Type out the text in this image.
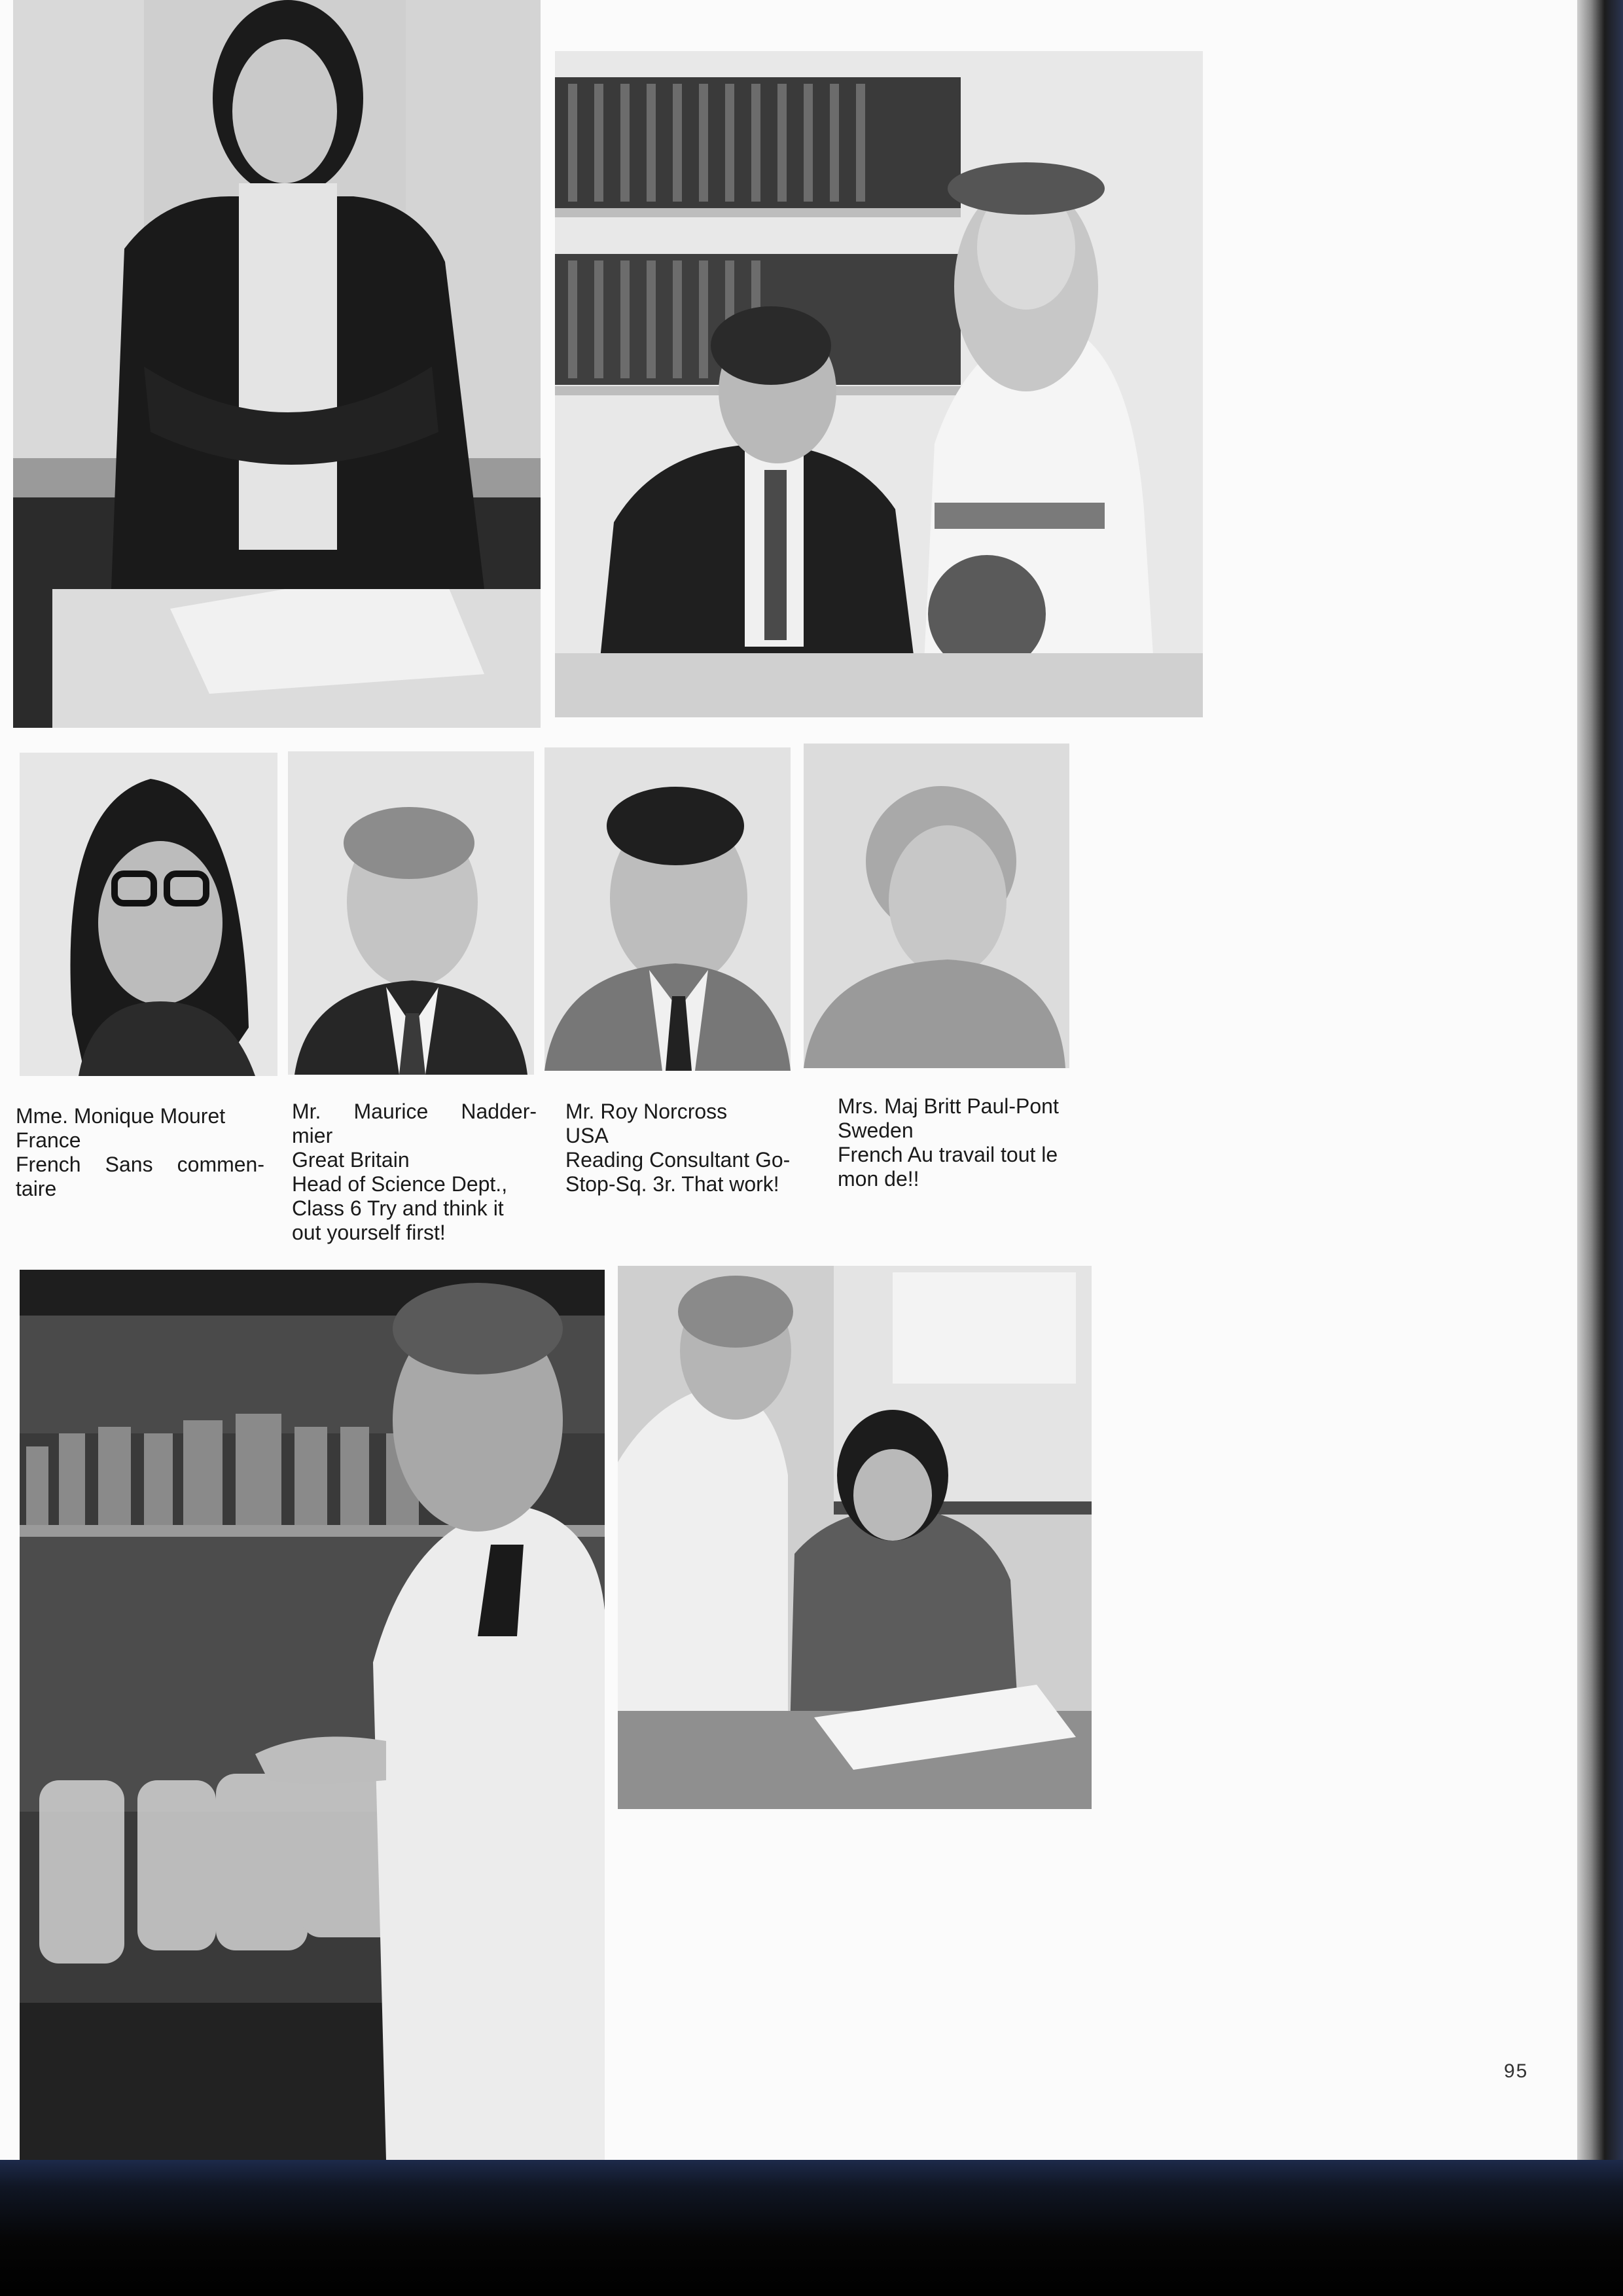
Mme. Monique Mouret
France
French Sans commen-
taire
Mr. Maurice Nadder-
mier
Great Britain
Head of Science Dept.,
Class 6 Try and think it
out yourself first!
Mr. Roy Norcross
USA
Reading Consultant Go-
Stop-Sq. 3r. That work!
Mrs. Maj Britt Paul-Pont
Sweden
French Au travail tout le
mon de!!
95
